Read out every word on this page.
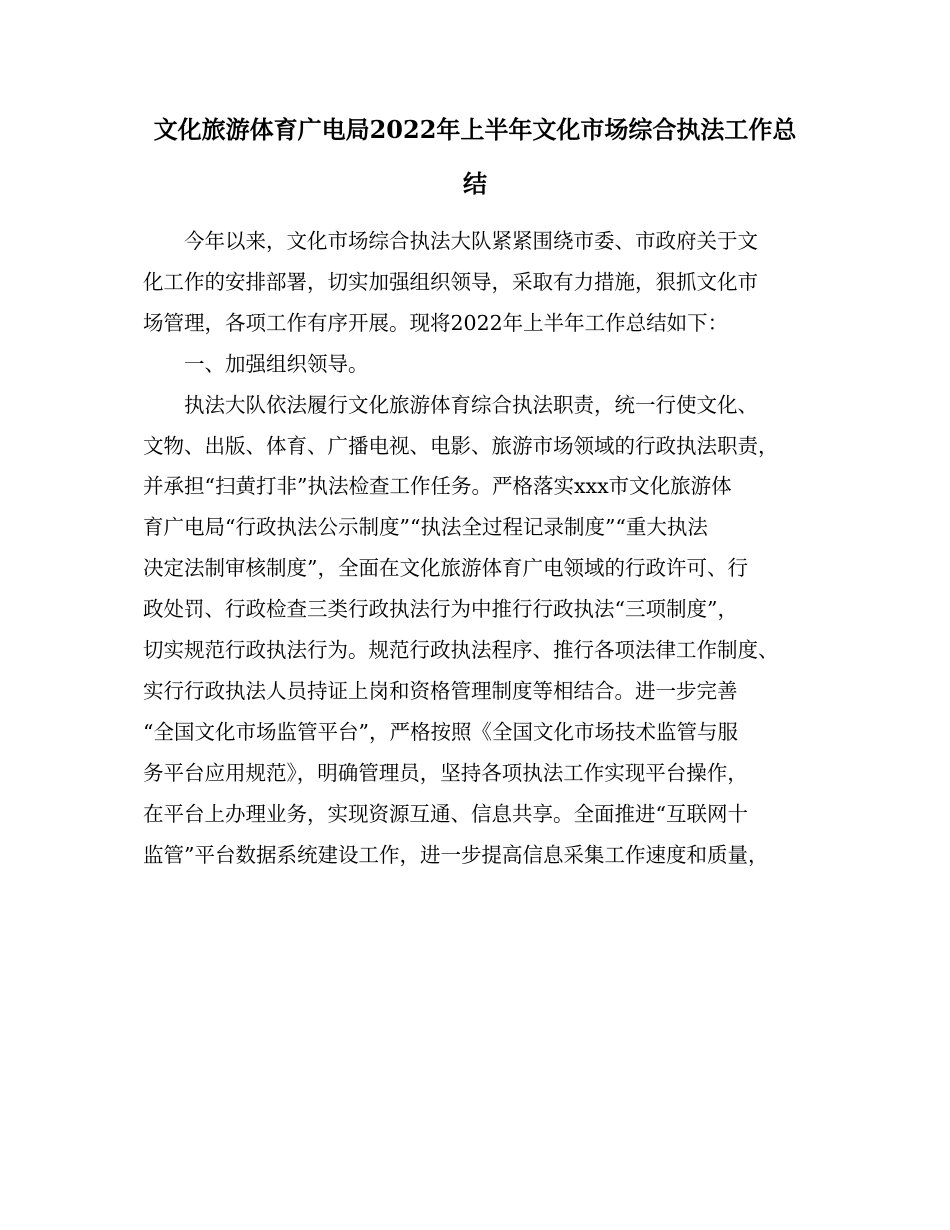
文化旅游体育广电局2022年上半年文化市场综合执法工作总
结
今年以来，文化市场综合执法大队紧紧围绕市委、市政府关于文
化工作的安排部署，切实加强组织领导，采取有力措施，狠抓文化市
场管理，各项工作有序开展。现将2022年上半年工作总结如下：
一、加强组织领导。
执法大队依法履行文化旅游体育综合执法职责，统一行使文化、
文物、出版、体育、广播电视、电影、旅游市场领域的行政执法职责，
并承担“扫黄打非”执法检查工作任务。严格落实xxx市文化旅游体
育广电局“行政执法公示制度”“执法全过程记录制度”“重大执法
决定法制审核制度”，全面在文化旅游体育广电领域的行政许可、行
政处罚、行政检查三类行政执法行为中推行行政执法“三项制度”，
切实规范行政执法行为。规范行政执法程序、推行各项法律工作制度、
实行行政执法人员持证上岗和资格管理制度等相结合。进一步完善
“全国文化市场监管平台”，严格按照《全国文化市场技术监管与服
务平台应用规范》，明确管理员，坚持各项执法工作实现平台操作，
在平台上办理业务，实现资源互通、信息共享。全面推进“互联网十
监管”平台数据系统建设工作，进一步提高信息采集工作速度和质量，
